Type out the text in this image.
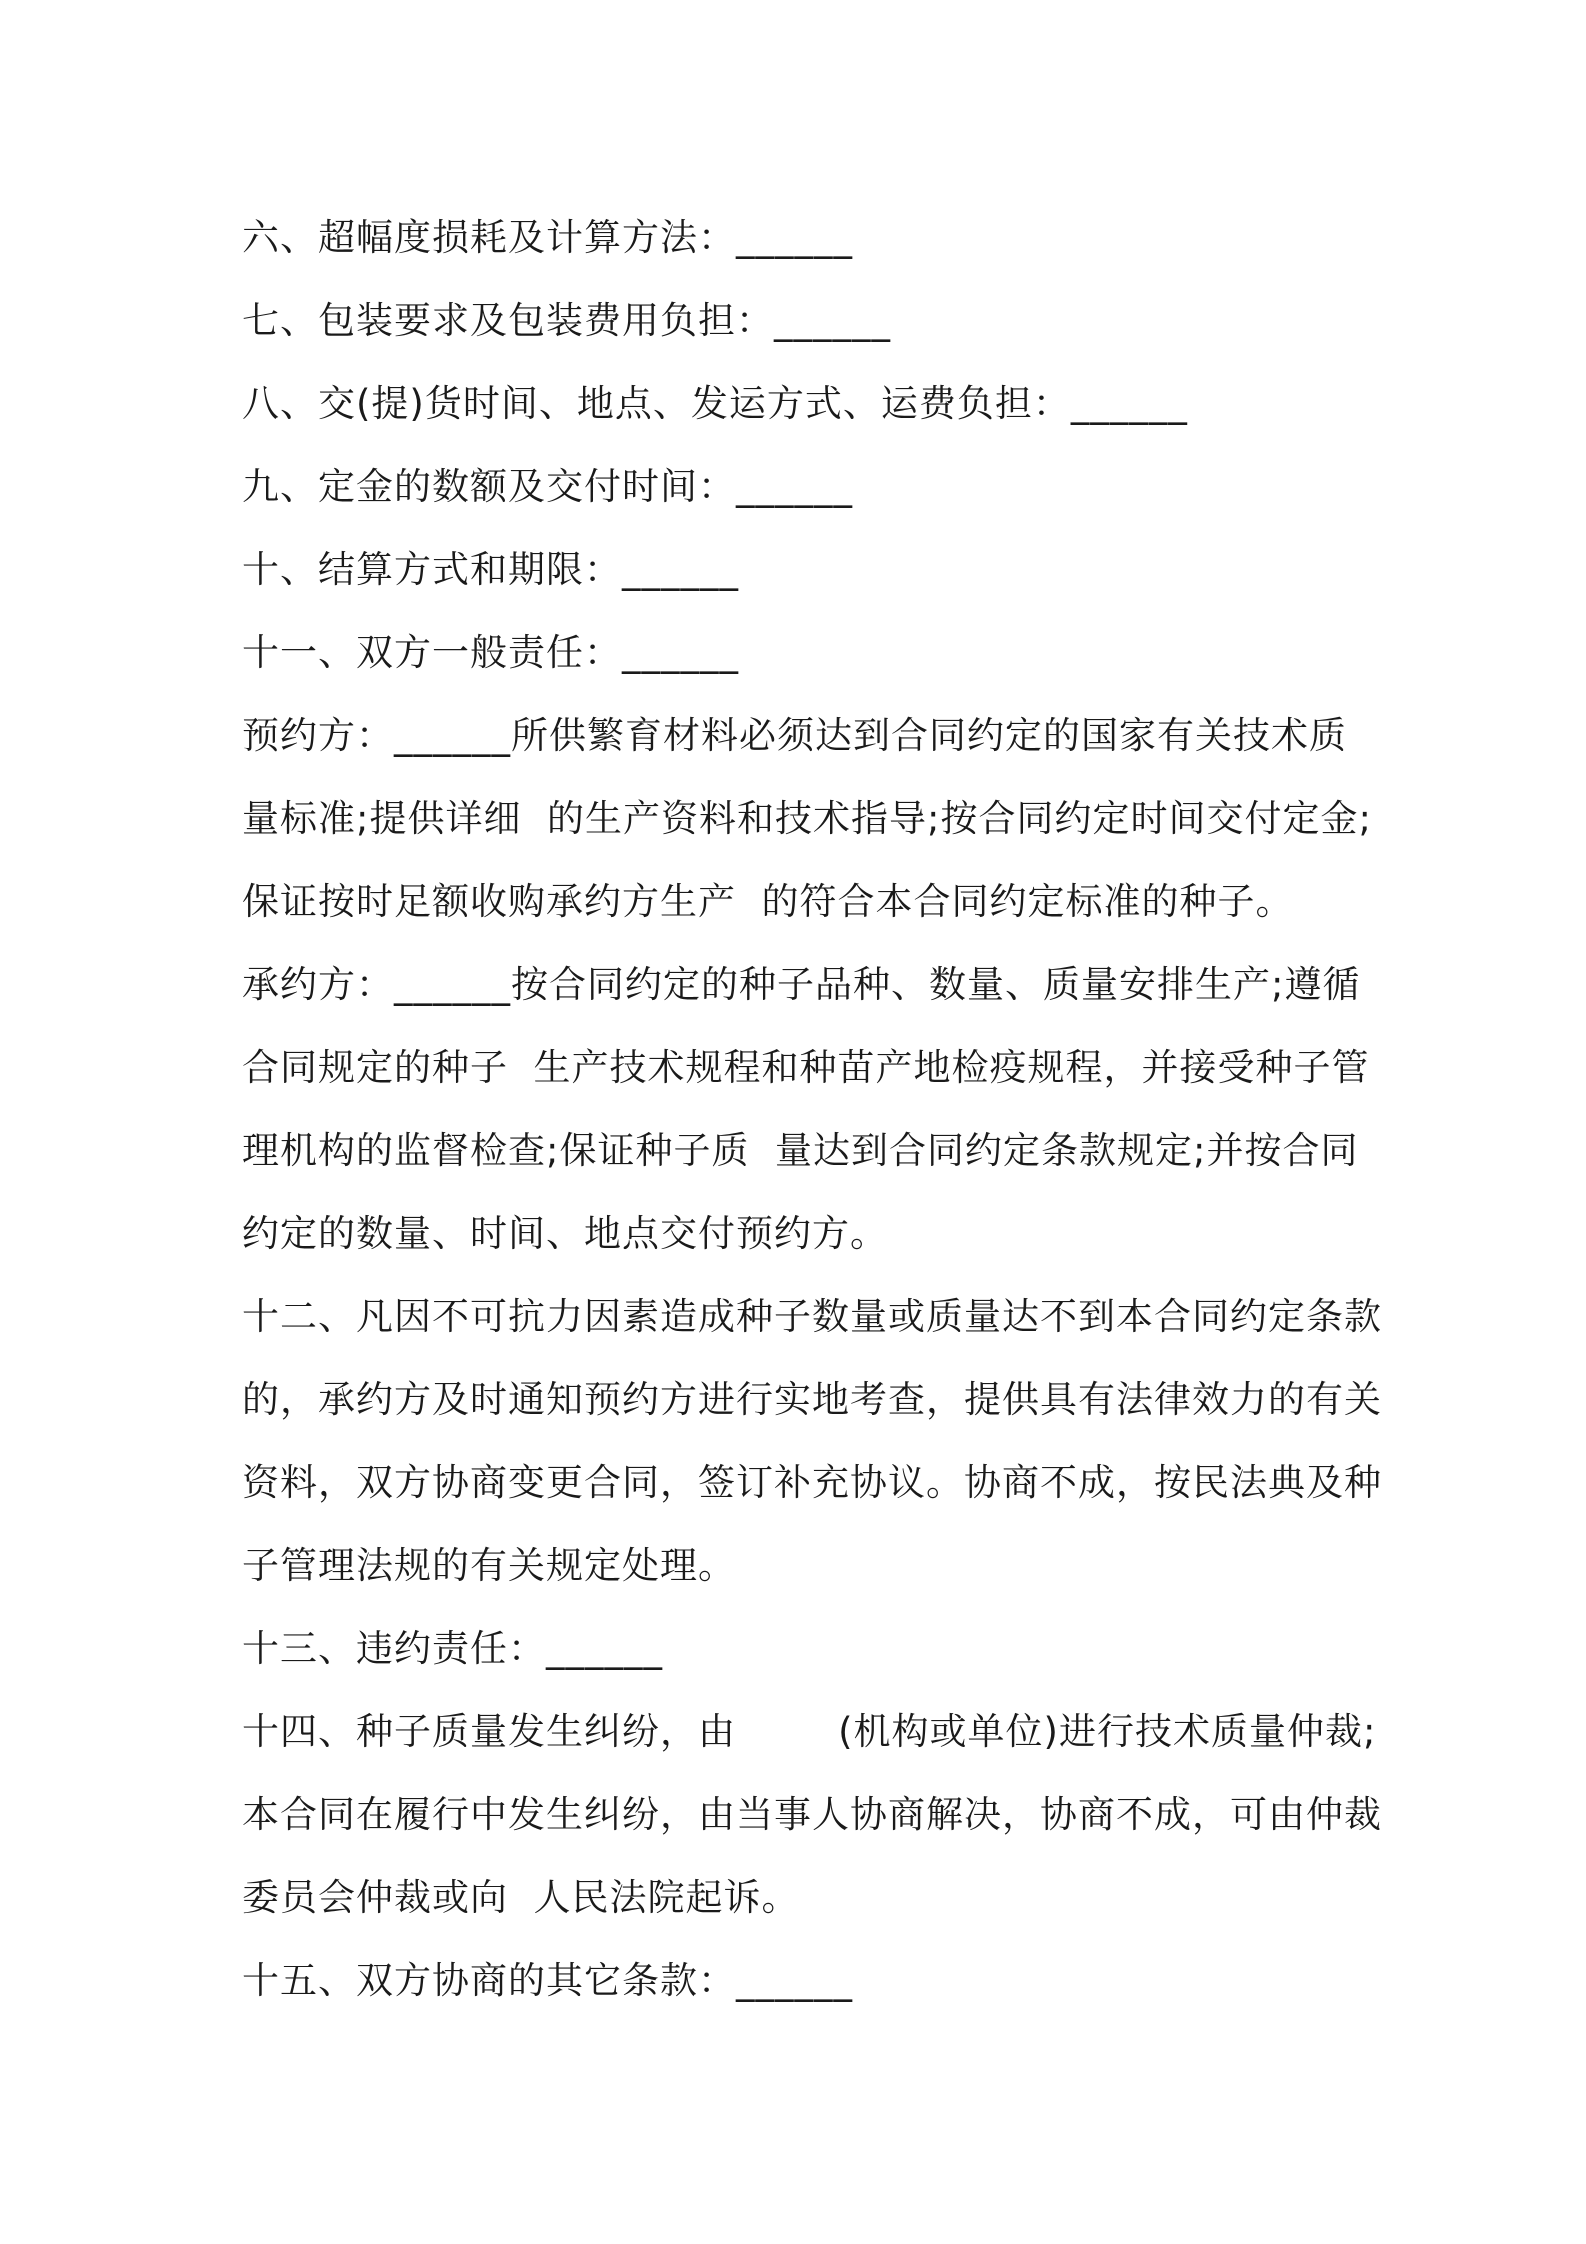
六、超幅度损耗及计算方法：______
七、包装要求及包装费用负担：______
八、交(提)货时间、地点、发运方式、运费负担：______
九、定金的数额及交付时间：______
十、结算方式和期限：______
十一、双方一般责任：______
预约方：______所供繁育材料必须达到合同约定的国家有关技术质
量标准;提供详细  的生产资料和技术指导;按合同约定时间交付定金;
保证按时足额收购承约方生产  的符合本合同约定标准的种子。
承约方：______按合同约定的种子品种、数量、质量安排生产;遵循
合同规定的种子  生产技术规程和种苗产地检疫规程，并接受种子管
理机构的监督检查;保证种子质  量达到合同约定条款规定;并按合同
约定的数量、时间、地点交付预约方。
十二、凡因不可抗力因素造成种子数量或质量达不到本合同约定条款
的，承约方及时通知预约方进行实地考查，提供具有法律效力的有关
资料，双方协商变更合同，签订补充协议。协商不成，按民法典及种
子管理法规的有关规定处理。
十三、违约责任：______
十四、种子质量发生纠纷，由        (机构或单位)进行技术质量仲裁;
本合同在履行中发生纠纷，由当事人协商解决，协商不成，可由仲裁
委员会仲裁或向  人民法院起诉。
十五、双方协商的其它条款：______
